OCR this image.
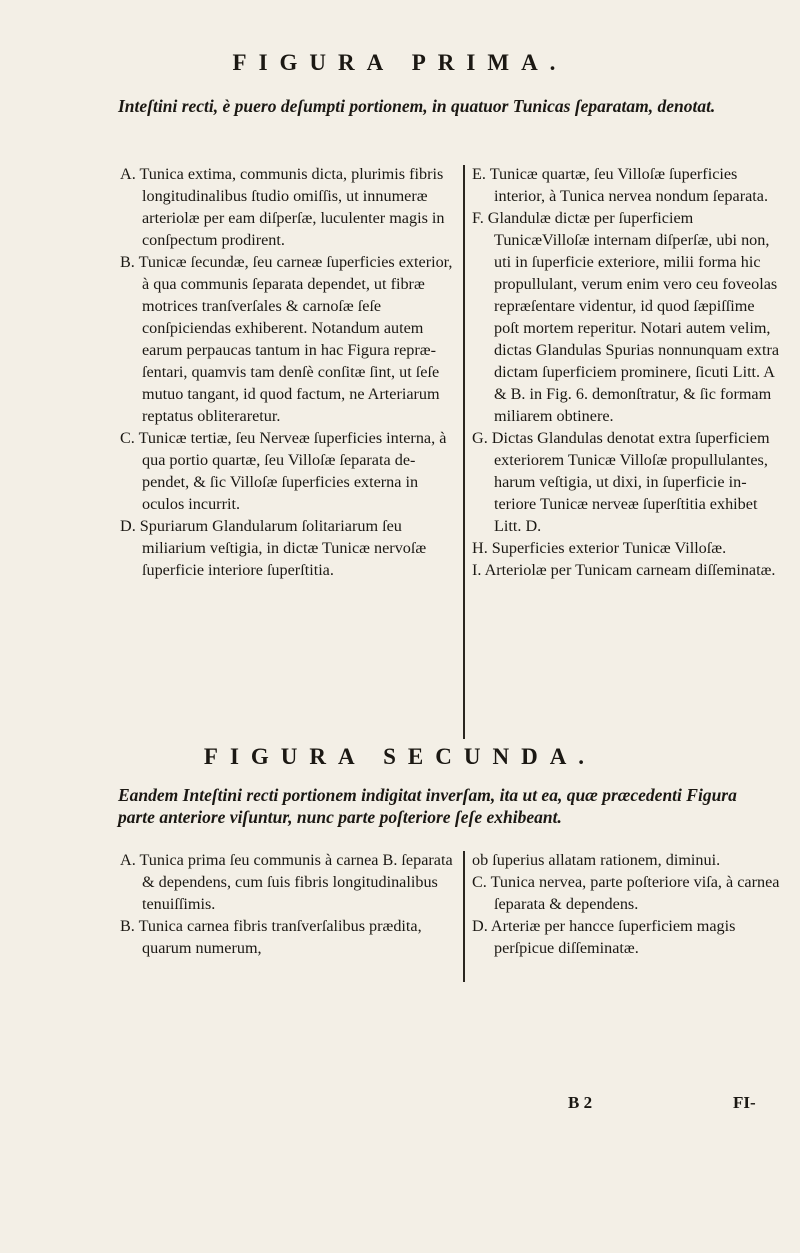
FIGURA PRIMA.
Inteſtini recti, è puero deſumpti portionem, in quatuor Tunicas ſeparatam, denotat.

A. Tunica extima, communis dicta, plurimis fibris longitudinalibus ſtudio omiſſis, ut innumeræ arteriolæ per eam diſperſæ, luculenter magis in conſpectum prodirent.

B. Tunicæ ſecundæ, ſeu carneæ ſuperficies exterior, à qua communis ſeparata dependet, ut fibræ motrices tranſverſales & carnoſæ ſeſe conſpiciendas exhiberent. Notandum autem earum perpaucas tantum in hac Figura repræſentari, quamvis tam denſè conſitæ ſint, ut ſeſe mutuo tangant, id quod factum, ne Arteriarum reptatus obliteraretur.

C. Tunicæ tertiæ, ſeu Nerveæ ſuperficies interna, à qua portio quartæ, ſeu Villoſæ ſeparata dependet, & ſic Villoſæ ſuperficies externa in oculos incurrit.

D. Spuriarum Glandularum ſolitariarum ſeu miliarium veſtigia, in dictæ Tunicæ nervoſæ ſuperficie interiore ſuperſtitia.

E. Tunicæ quartæ, ſeu Villoſæ ſuperficies interior, à Tunica nervea nondum ſeparata.

F. Glandulæ dictæ per ſuperficiem TunicæVilloſæ internam diſperſæ, ubi non, uti in ſuperficie exteriore, milii forma hic propullulant, verum enim vero ceu foveolas repræſentare videntur, id quod ſæpiſſime poſt mortem reperitur. Notari autem velim, dictas Glandulas Spurias nonnunquam extra dictam ſuperficiem prominere, ſicuti Litt. A & B. in Fig. 6. demonſtratur, & ſic formam miliarem obtinere.

G. Dictas Glandulas denotat extra ſuperficiem exteriorem Tunicæ Villoſæ propullulantes, harum veſtigia, ut dixi, in ſuperficie interiore Tunicæ nerveæ ſuperſtitia exhibet Litt. D.

H. Superficies exterior Tunicæ Villoſæ.

I. Arteriolæ per Tunicam carneam diſſeminatæ.

FIGURA SECUNDA.
Eandem Inteſtini recti portionem indigitat inverſam, ita ut ea, quæ præcedenti Figura parte anteriore viſuntur, nunc parte poſteriore ſeſe exhibeant.

A. Tunica prima ſeu communis à carnea B. ſeparata & dependens, cum ſuis fibris longitudinalibus tenuiſſimis.

B. Tunica carnea fibris tranſverſalibus prædita, quarum numerum,

ob ſuperius allatam rationem, diminui.

C. Tunica nervea, parte poſteriore viſa, à carnea ſeparata & dependens.

D. Arteriæ per hancce ſuperficiem magis perſpicue diſſeminatæ.

B 2	FI-
